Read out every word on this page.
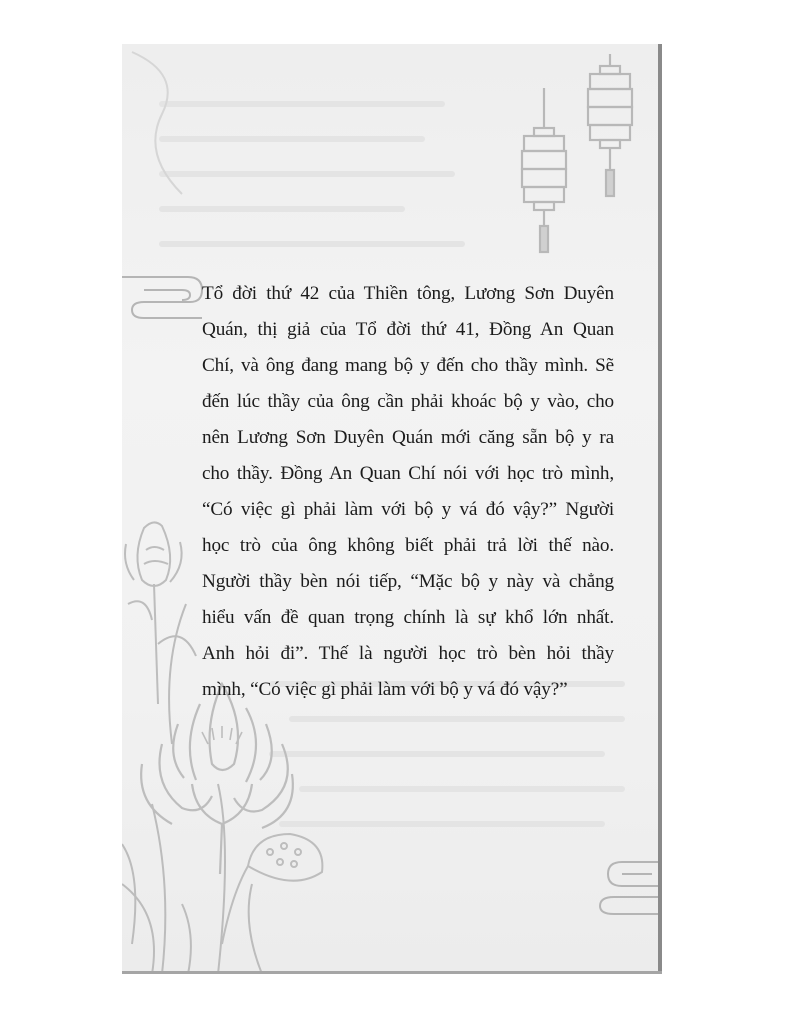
Tổ đời thứ 42 của Thiền tông, Lương Sơn Duyên
Quán, thị giả của Tổ đời thứ 41, Đồng An Quan
Chí, và ông đang mang bộ y đến cho thầy mình. Sẽ
đến lúc thầy của ông cần phải khoác bộ y vào, cho
nên Lương Sơn Duyên Quán mới căng sẵn bộ y ra
cho thầy. Đồng An Quan Chí nói với học trò mình,
“Có việc gì phải làm với bộ y vá đó vậy?” Người
học trò của ông không biết phải trả lời thế nào.
Người thầy bèn nói tiếp, “Mặc bộ y này và chẳng
hiểu vấn đề quan trọng chính là sự khổ lớn nhất.
Anh hỏi đi”. Thế là người học trò bèn hỏi thầy
mình, “Có việc gì phải làm với bộ y vá đó vậy?”
